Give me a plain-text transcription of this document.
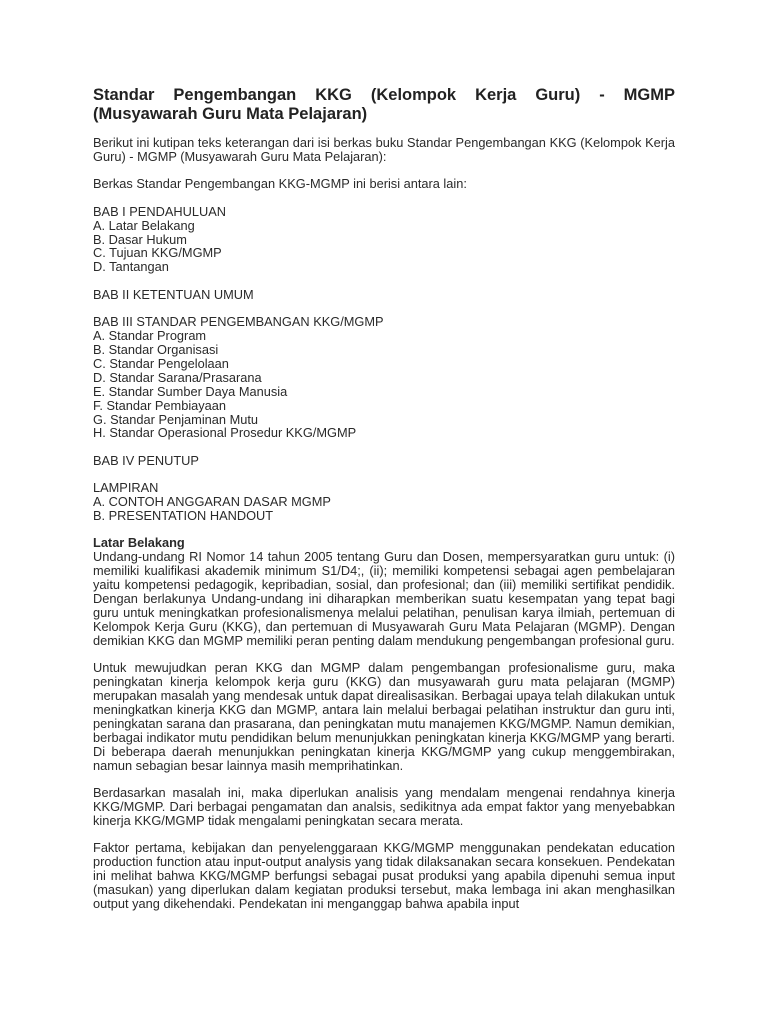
Standar Pengembangan KKG (Kelompok Kerja Guru) - MGMP (Musyawarah Guru Mata Pelajaran)

Berikut ini kutipan teks keterangan dari isi berkas buku Standar Pengembangan KKG (Kelompok Kerja Guru) - MGMP (Musyawarah Guru Mata Pelajaran):

Berkas Standar Pengembangan KKG-MGMP ini berisi antara lain:

BAB I PENDAHULUAN
A. Latar Belakang
B. Dasar Hukum
C. Tujuan KKG/MGMP
D. Tantangan

BAB II KETENTUAN UMUM

BAB III STANDAR PENGEMBANGAN KKG/MGMP
A. Standar Program
B. Standar Organisasi
C. Standar Pengelolaan
D. Standar Sarana/Prasarana
E. Standar Sumber Daya Manusia
F. Standar Pembiayaan
G. Standar Penjaminan Mutu
H. Standar Operasional Prosedur KKG/MGMP

BAB IV PENUTUP

LAMPIRAN
A. CONTOH ANGGARAN DASAR MGMP
B. PRESENTATION HANDOUT
Latar Belakang
Undang-undang RI Nomor 14 tahun 2005 tentang Guru dan Dosen, mempersyaratkan guru untuk: (i) memiliki kualifikasi akademik minimum S1/D4;, (ii); memiliki kompetensi sebagai agen pembelajaran yaitu kompetensi pedagogik, kepribadian, sosial, dan profesional; dan (iii) memiliki sertifikat pendidik. Dengan berlakunya Undang-undang ini diharapkan memberikan suatu kesempatan yang tepat bagi guru untuk meningkatkan profesionalismenya melalui pelatihan, penulisan karya ilmiah, pertemuan di Kelompok Kerja Guru (KKG), dan pertemuan di Musyawarah Guru Mata Pelajaran (MGMP). Dengan demikian KKG dan MGMP memiliki peran penting dalam mendukung pengembangan profesional guru.

Untuk mewujudkan peran KKG dan MGMP dalam pengembangan profesionalisme guru, maka peningkatan kinerja kelompok kerja guru (KKG) dan musyawarah guru mata pelajaran (MGMP) merupakan masalah yang mendesak untuk dapat direalisasikan. Berbagai upaya telah dilakukan untuk meningkatkan kinerja KKG dan MGMP, antara lain melalui berbagai pelatihan instruktur dan guru inti, peningkatan sarana dan prasarana, dan peningkatan mutu manajemen KKG/MGMP. Namun demikian, berbagai indikator mutu pendidikan belum menunjukkan peningkatan kinerja KKG/MGMP yang berarti. Di beberapa daerah menunjukkan peningkatan kinerja KKG/MGMP yang cukup menggembirakan, namun sebagian besar lainnya masih memprihatinkan.

Berdasarkan masalah ini, maka diperlukan analisis yang mendalam mengenai rendahnya kinerja KKG/MGMP. Dari berbagai pengamatan dan analsis, sedikitnya ada empat faktor yang menyebabkan kinerja KKG/MGMP tidak mengalami peningkatan secara merata.

Faktor pertama, kebijakan dan penyelenggaraan KKG/MGMP menggunakan pendekatan education production function atau input-output analysis yang tidak dilaksanakan secara konsekuen. Pendekatan ini melihat bahwa KKG/MGMP berfungsi sebagai pusat produksi yang apabila dipenuhi semua input (masukan) yang diperlukan dalam kegiatan produksi tersebut, maka lembaga ini akan menghasilkan output yang dikehendaki. Pendekatan ini menganggap bahwa apabila input
